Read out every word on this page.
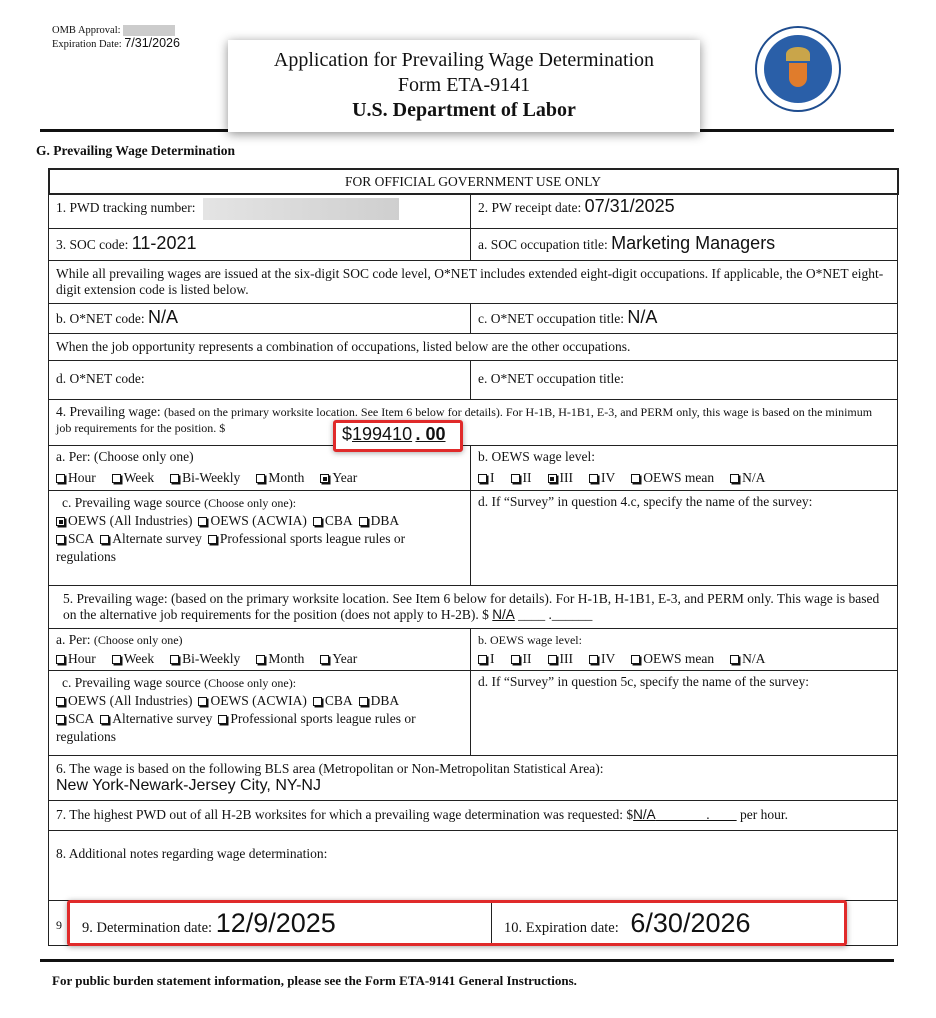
OMB Approval:
Expiration Date: 7/31/2026
Application for Prevailing Wage Determination
Form ETA-9141
U.S. Department of Labor
G. Prevailing Wage Determination
FOR OFFICIAL GOVERNMENT USE ONLY
1. PWD tracking number:	2. PW receipt date: 07/31/2025
3. SOC code: 11-2021	a. SOC occupation title: Marketing Managers
While all prevailing wages are issued at the six-digit SOC code level, O*NET includes extended eight-digit occupations. If applicable, the O*NET eight-digit extension code is listed below.
b. O*NET code: N/A	c. O*NET occupation title: N/A
When the job opportunity represents a combination of occupations, listed below are the other occupations.
d. O*NET code:	e. O*NET occupation title:
4. Prevailing wage: (based on the primary worksite location. See Item 6 below for details). For H-1B, H-1B1, E-3, and PERM only, this wage is based on the minimum job requirements for the position. $	$199410 . 00
a. Per: (Choose only one)
Hour Week Bi-Weekly Month Year
b. OEWS wage level:
I II III IV OEWS mean N/A
c. Prevailing wage source (Choose only one):
OEWS (All Industries) OEWS (ACWIA) CBA DBA
SCA Alternate survey Professional sports league rules or regulations
d. If “Survey” in question 4.c, specify the name of the survey:
5. Prevailing wage: (based on the primary worksite location. See Item 6 below for details). For H-1B, H-1B1, E-3, and PERM only. This wage is based on the alternative job requirements for the position (does not apply to H-2B). $ N/A ____ .______
a. Per: (Choose only one)
Hour Week Bi-Weekly Month Year
b. OEWS wage level:
I II III IV OEWS mean N/A
c. Prevailing wage source (Choose only one):
OEWS (All Industries) OEWS (ACWIA) CBA DBA
SCA Alternative survey Professional sports league rules or regulations
d. If “Survey” in question 5c, specify the name of the survey:
6. The wage is based on the following BLS area (Metropolitan or Non-Metropolitan Statistical Area):
New York-Newark-Jersey City, NY-NJ
7. The highest PWD out of all H-2B worksites for which a prevailing wage determination was requested: $N/A               .         per hour.
8. Additional notes regarding wage determination:
9	9. Determination date: 12/9/2025	10. Expiration date: 6/30/2026
For public burden statement information, please see the Form ETA-9141 General Instructions.
